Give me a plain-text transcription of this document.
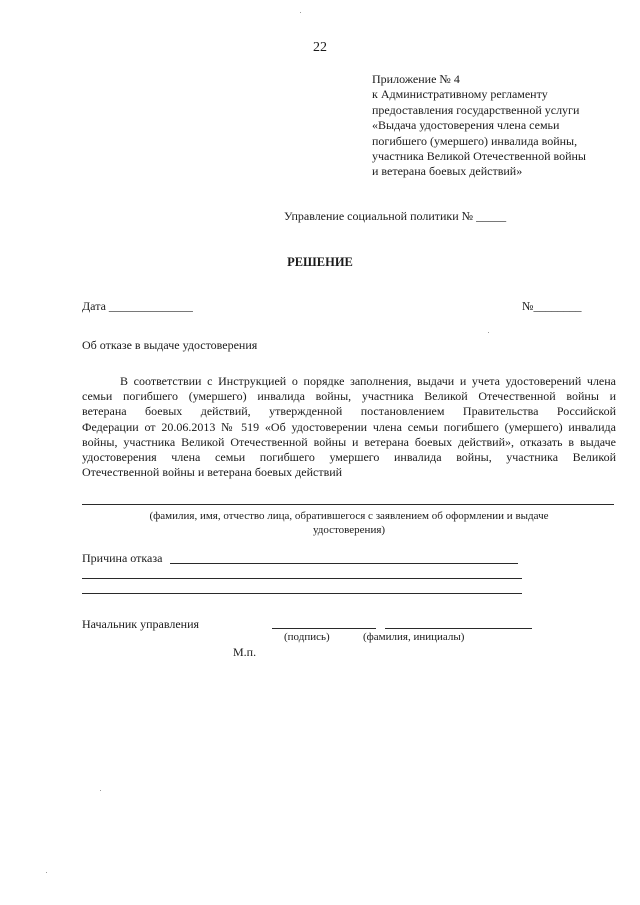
22
Приложение № 4
к Административному регламенту
предоставления государственной услуги
«Выдача удостоверения члена семьи
погибшего (умершего) инвалида войны,
участника Великой Отечественной войны
и ветерана боевых действий»
Управление социальной политики № _____
РЕШЕНИЕ
Дата ______________	№________
Об отказе в выдаче удостоверения
В соответствии с Инструкцией о порядке заполнения, выдачи и учета удостоверений члена
семьи погибшего (умершего) инвалида войны, участника Великой Отечественной войны и
ветерана боевых действий, утвержденной постановлением Правительства Российской
Федерации от 20.06.2013 № 519 «Об удостоверении члена семьи погибшего (умершего) инвалида
войны, участника Великой Отечественной войны и ветерана боевых действий», отказать в выдаче
удостоверения члена семьи погибшего умершего инвалида войны, участника Великой
Отечественной войны и ветерана боевых действий
(фамилия, имя, отчество лица, обратившегося с заявлением об оформлении и выдаче
удостоверения)
Причина отказа
Начальник управления
(подпись)	(фамилия, инициалы)
М.п.
